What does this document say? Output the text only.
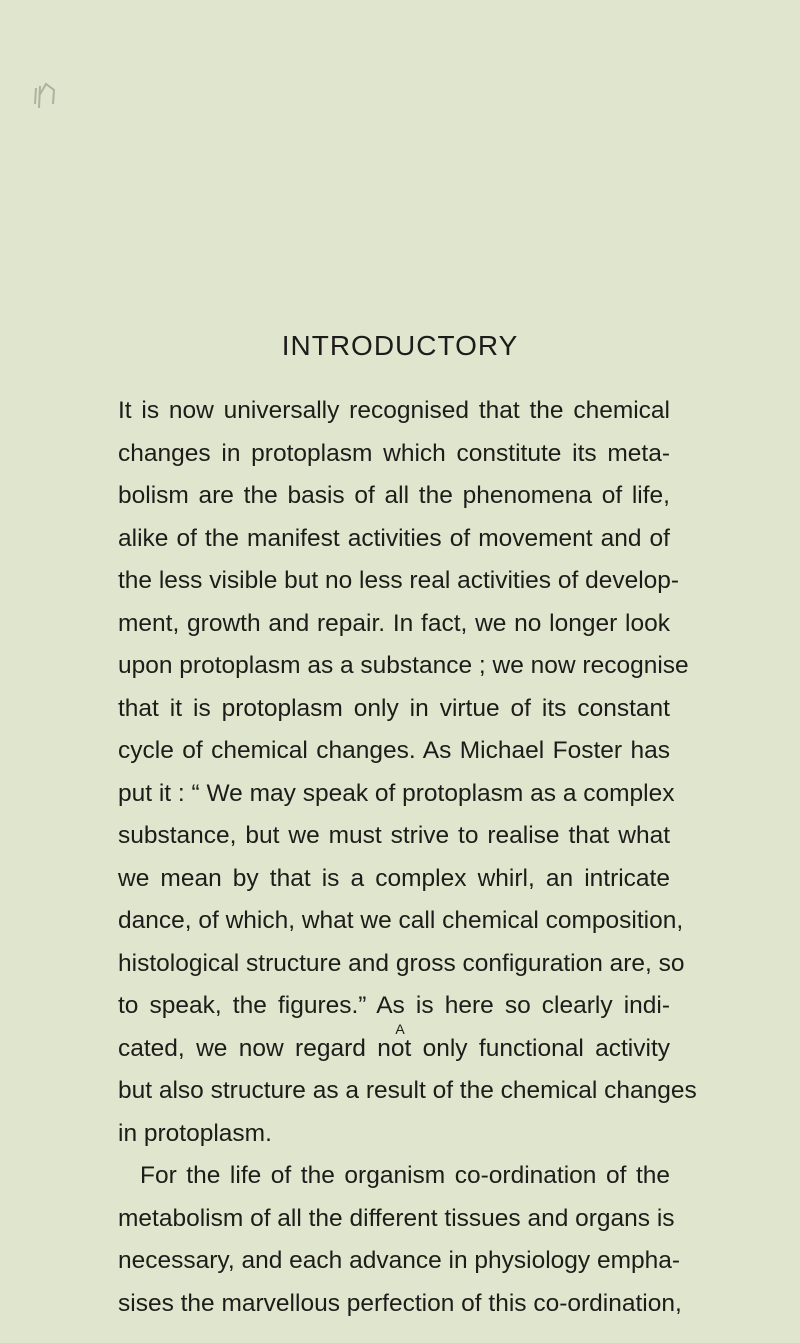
INTRODUCTORY
It is now universally recognised that the chemical
changes in protoplasm which constitute its meta-
bolism are the basis of all the phenomena of life,
alike of the manifest activities of movement and of
the less visible but no less real activities of develop-
ment, growth and repair. In fact, we no longer look
upon protoplasm as a substance ; we now recognise
that it is protoplasm only in virtue of its constant
cycle of chemical changes. As Michael Foster has
put it : “ We may speak of protoplasm as a complex
substance, but we must strive to realise that what
we mean by that is a complex whirl, an intricate
dance, of which, what we call chemical composition,
histological structure and gross configuration are, so
to speak, the figures.” As is here so clearly indi-
cated, we now regard not only functional activity
but also structure as a result of the chemical changes
in protoplasm.
For the life of the organism co-ordination of the
metabolism of all the different tissues and organs is
necessary, and each advance in physiology empha-
sises the marvellous perfection of this co-ordination,
A
